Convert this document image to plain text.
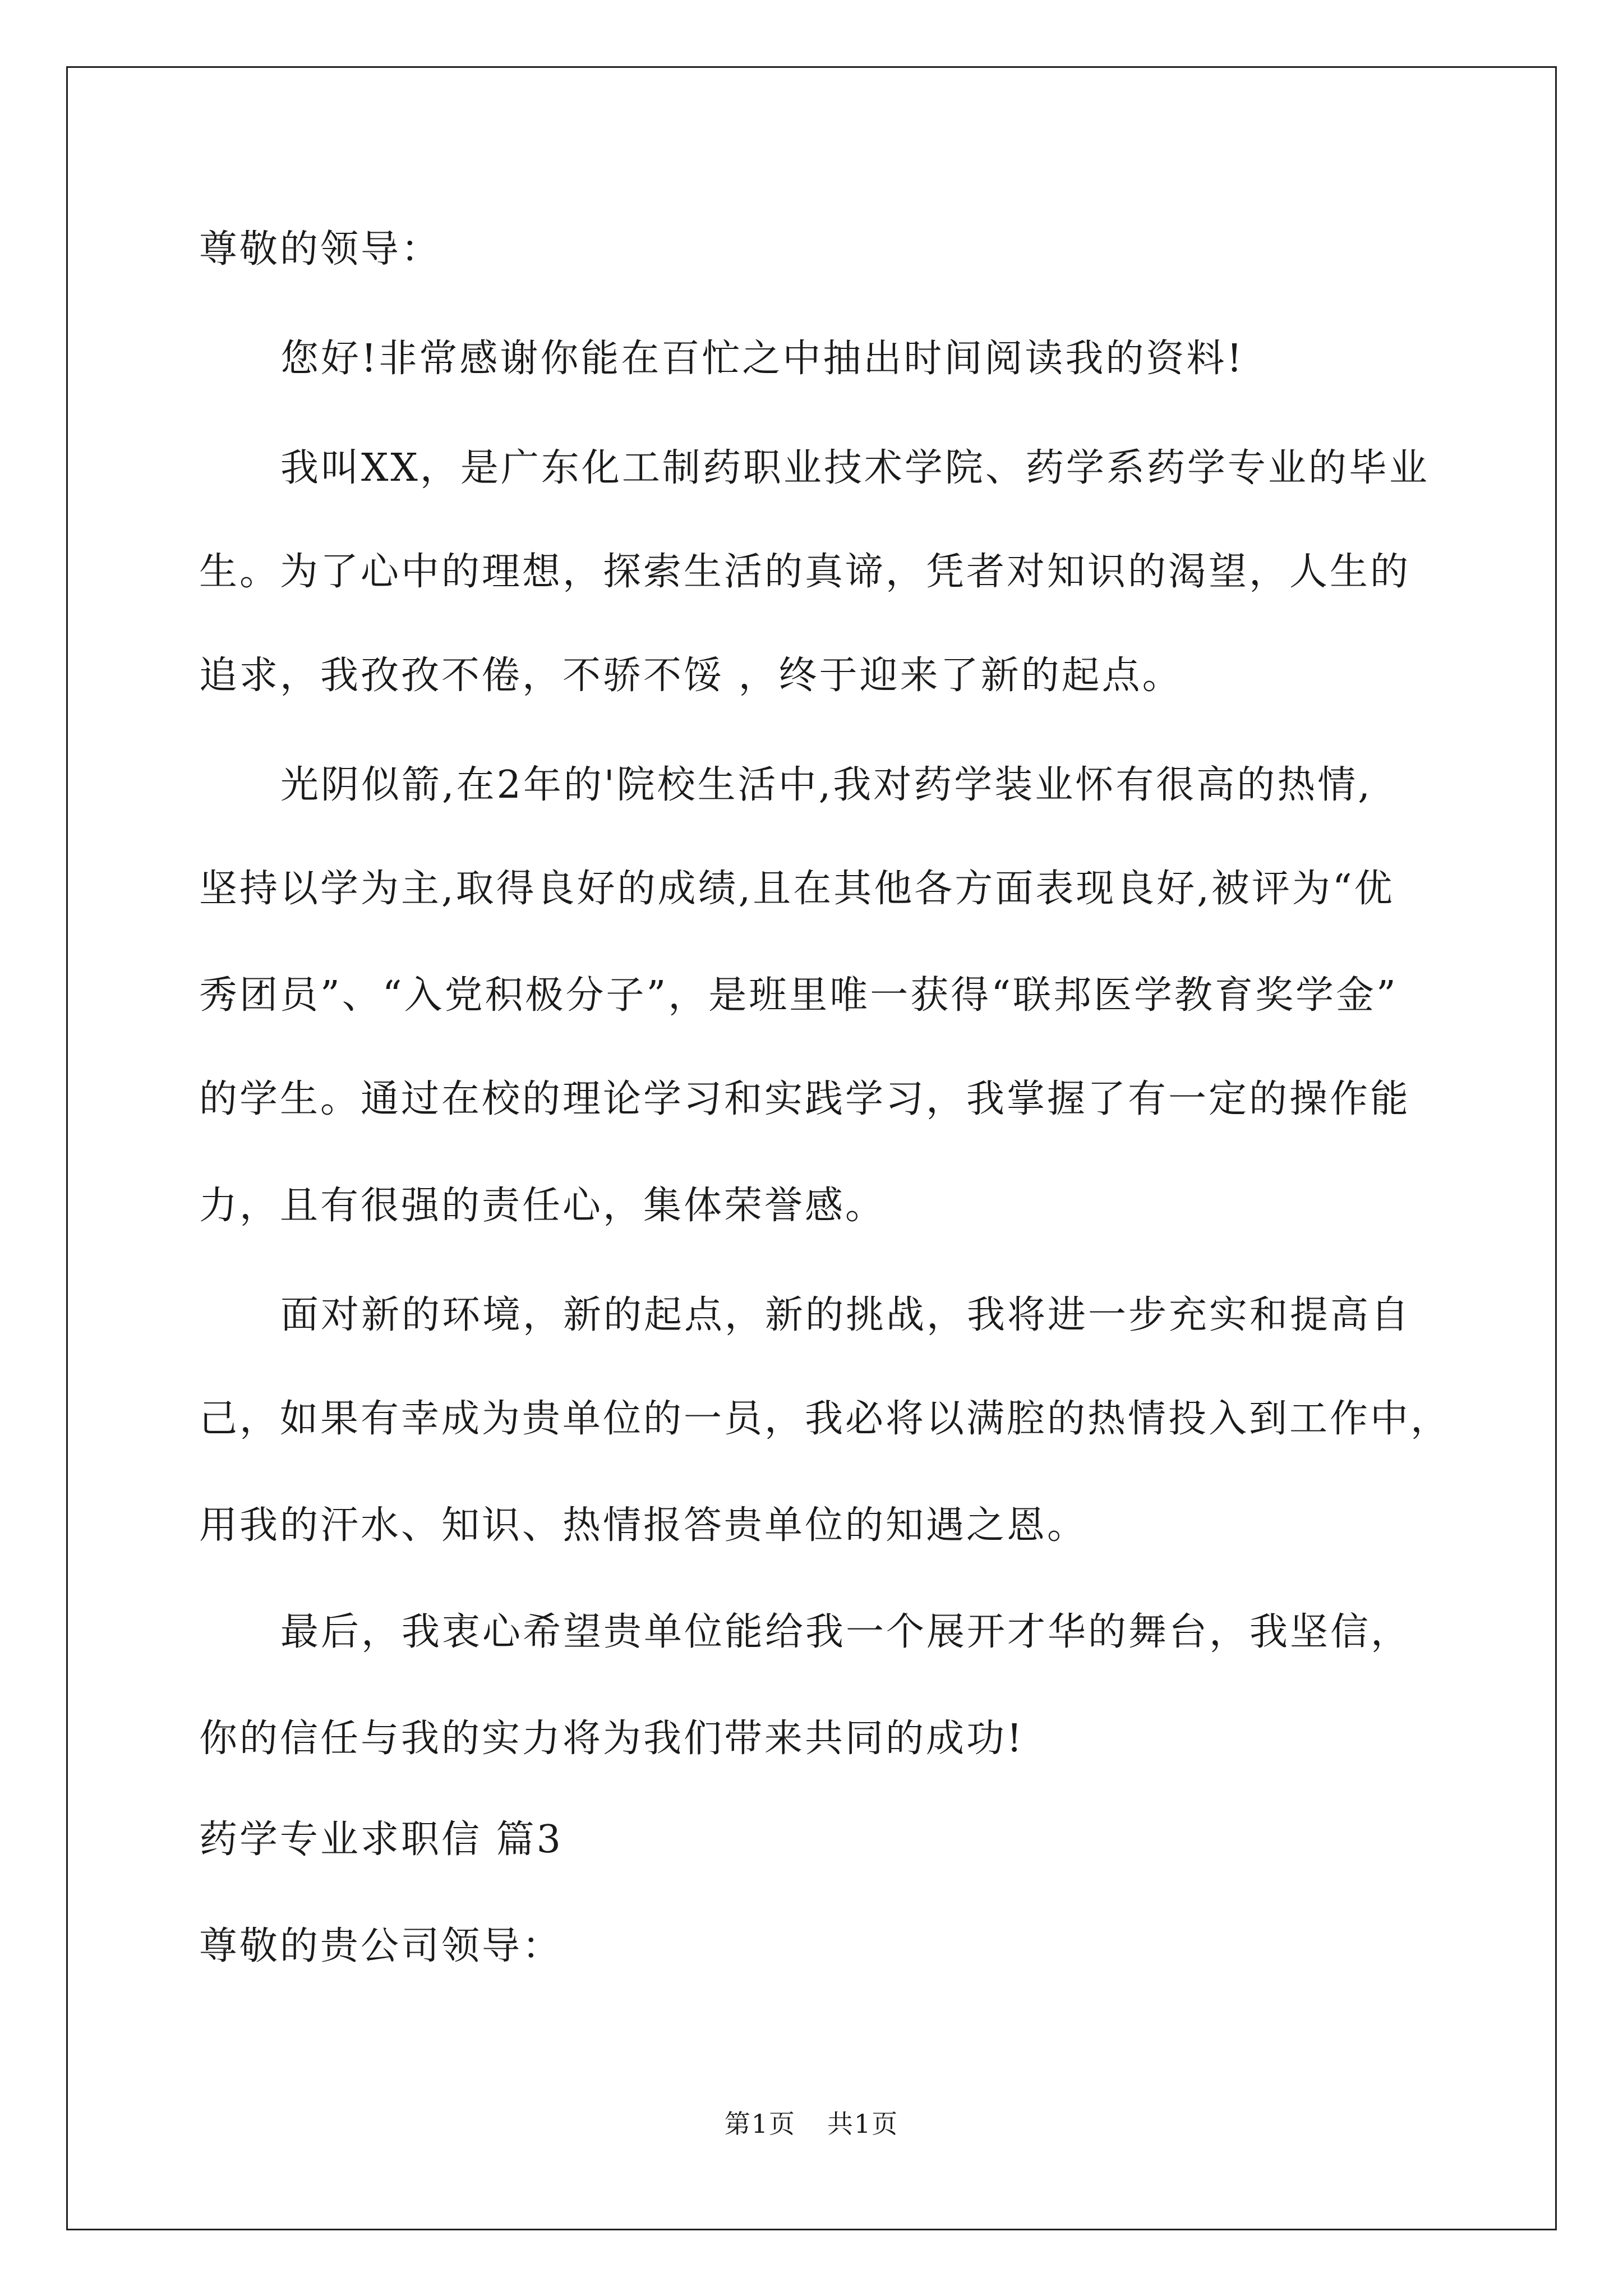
尊敬的领导：
您好!非常感谢你能在百忙之中抽出时间阅读我的资料!
我叫XX，是广东化工制药职业技术学院、药学系药学专业的毕业
生。为了心中的理想，探索生活的真谛，凭者对知识的渴望，人生的
追求，我孜孜不倦，不骄不馁 ，终于迎来了新的起点。
光阴似箭,在2年的'院校生活中,我对药学装业怀有很高的热情,
坚持以学为主,取得良好的成绩,且在其他各方面表现良好,被评为“优
秀团员”、“入党积极分子”，是班里唯一获得“联邦医学教育奖学金”
的学生。通过在校的理论学习和实践学习，我掌握了有一定的操作能
力，且有很强的责任心，集体荣誉感。
面对新的环境，新的起点，新的挑战，我将进一步充实和提高自
己，如果有幸成为贵单位的一员，我必将以满腔的热情投入到工作中，
用我的汗水、知识、热情报答贵单位的知遇之恩。
最后，我衷心希望贵单位能给我一个展开才华的舞台，我坚信，
你的信任与我的实力将为我们带来共同的成功!
药学专业求职信 篇3
尊敬的贵公司领导：
第1页 共1页
